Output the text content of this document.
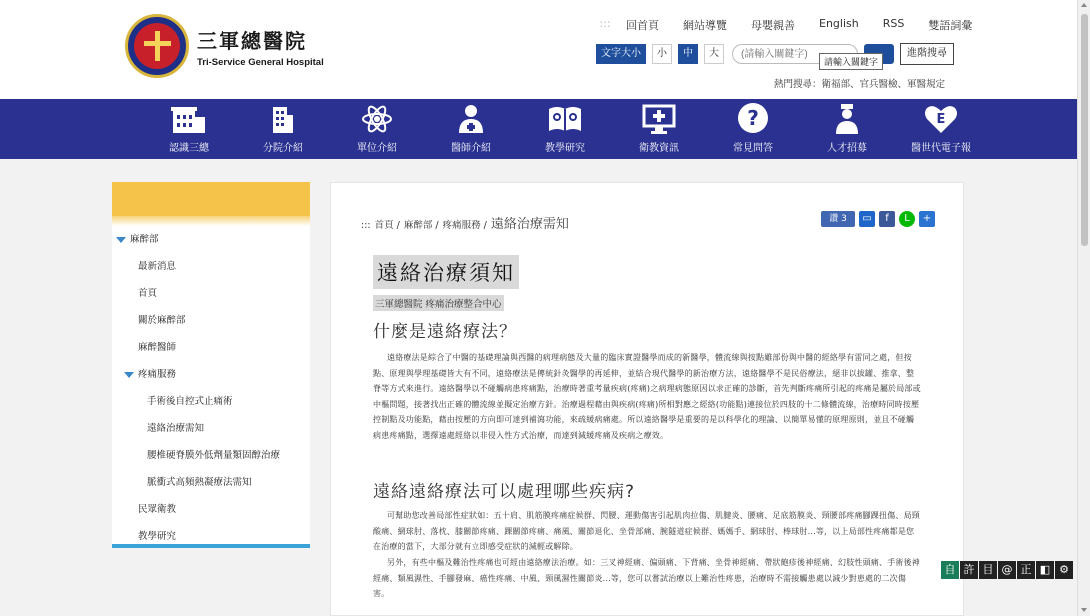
三軍總醫院
Tri-Service General Hospital
:::	回首頁	網站導覽	母嬰親善	English	RSS	雙語詞彙
文字大小	小	中	大
(請輸入關鍵字)	進階搜尋
請輸入關鍵字
熱門搜尋：衛福部、官兵醫檢、軍醫規定
認識三總	分院介紹	單位介紹	醫師介紹	教學研究	衛教資訊
?
常見問答	人才招募
E
醫世代電子報
麻醉部
最新消息
首頁
關於麻醉部
麻醉醫師
疼痛服務
手術後自控式止痛術
遠絡治療需知
腰椎硬脊膜外低劑量類固醇治療
脈衝式高頻熱凝療法需知
民眾衛教
教學研究
::: 首頁 / 麻醉部 / 疼痛服務 / 遠絡治療需知	讚 3	▭	f	L	+
遠絡治療須知
三軍總醫院 疼痛治療整合中心
什麼是遠絡療法？
遠絡療法是綜合了中醫的基礎理論與西醫的病理病態及大量的臨床實證醫學而成的新醫學，體流線與按點雖部份與中醫的經絡學有雷同之處，但按點、原理與學理基礎皆大有不同，遠絡療法是傳統針灸醫學的再延伸，並結合現代醫學的新治療方法，遠絡醫學不是民俗療法，絕非以拔罐、推拿、整脊等方式來進行。遠絡醫學以不碰觸病患疼痛點，治療時著重考量疾病(疼痛)之病理病態原因以求正確的診斷，首先判斷疼痛所引起的疼痛是屬於局部或中樞問題，接著找出正確的體流線並擬定治療方針。治療過程藉由與疾病(疼痛)所相對應之經絡(功能點)連接位於四肢的十二條體流線，治療時同時按壓控制點及功能點，藉由按壓的方向即可達到補瀉功能，來疏緩病痛處。所以遠絡醫學是重要的是以科學化的理論、以簡單易懂的原理原則，並且不碰觸病患疼痛點，選擇遠處經絡以非侵入性方式治療，而達到減緩疼痛及疾病之療效。
遠絡遠絡療法可以處理哪些疾病?
可幫助您改善局部性症狀如：五十肩、肌筋膜疼痛症候群、閃腰、運動傷害引起肌肉拉傷、肌腱炎、腰痛、足底筋膜炎、頸腰部疼痛腳踝扭傷、局頸酸痛、網球肘、落枕、膝關節疼痛、踝關節疼痛、痛風、關節退化、坐骨部痛、腕隧道症候群、媽媽手、網球肘、棒球肘...等，以上局部性疼痛都是您在治療的當下，大部分就有立即感受症狀的減輕或解除。
另外，有些中樞及難治性疼痛也可經由遠絡療法治療。如：三叉神經痛、偏頭痛、下背痛、坐骨神經痛、帶狀皰疹後神經痛、幻肢性頭痛、手術後神經痛、類風濕性、手腳發麻、癌性疼痛、中風、頸風濕性關節炎...等，您可以嘗試治療以上難治性疼患，治療時不需接觸患處以減少對患處的二次傷害。
自 許 目 @ 正 ◧ ⚙
